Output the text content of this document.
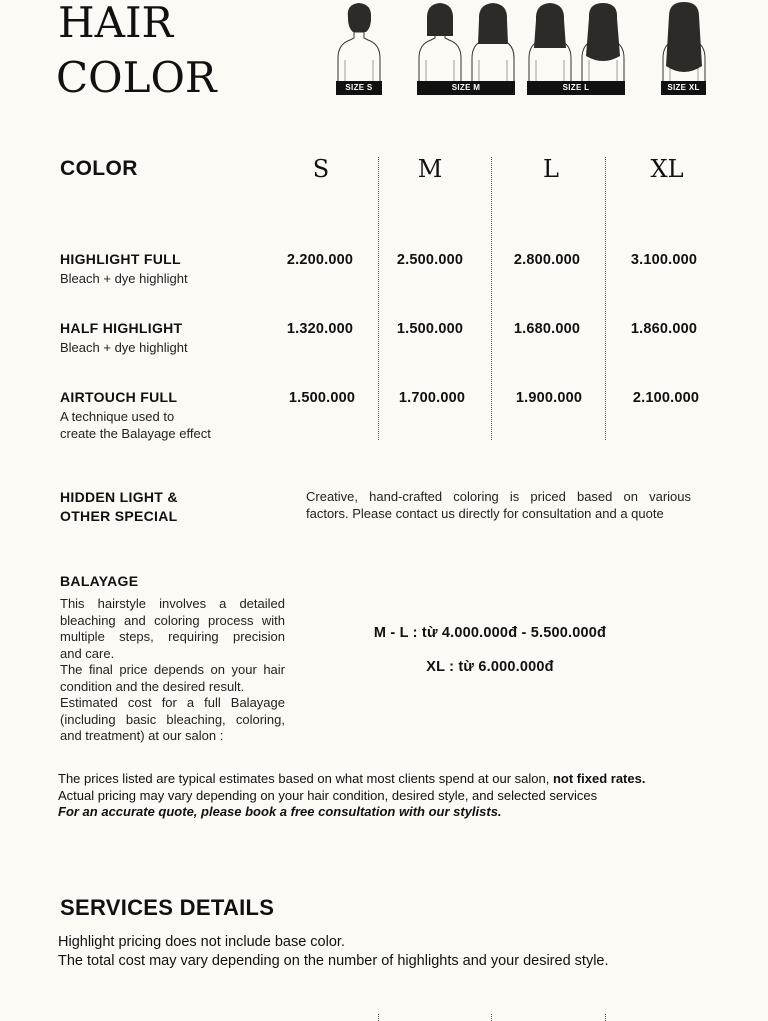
HAIR
COLOR	SIZE S	SIZE M	SIZE L	SIZE XL
COLOR	S	M	L	XL
HIGHLIGHT FULL
Bleach + dye highlight
2.200.000	2.500.000	2.800.000	3.100.000
HALF HIGHLIGHT
Bleach + dye highlight
1.320.000	1.500.000	1.680.000	1.860.000
AIRTOUCH FULL
A technique used to
create the Balayage effect
1.500.000	1.700.000	1.900.000	2.100.000
HIDDEN LIGHT &
OTHER SPECIAL
Creative, hand-crafted coloring is priced based on various
factors. Please contact us directly for consultation and a quote
BALAYAGE
This hairstyle involves a detailed
bleaching and coloring process with
multiple steps, requiring precision
and care.
The final price depends on your hair
condition and the desired result.
Estimated cost for a full Balayage
(including basic bleaching, coloring,
and treatment) at our salon :
M - L : từ 4.000.000đ - 5.500.000đ
XL : từ 6.000.000đ
The prices listed are typical estimates based on what most clients spend at our salon, not fixed rates.
Actual pricing may vary depending on your hair condition, desired style, and selected services
For an accurate quote, please book a free consultation with our stylists.
SERVICES DETAILS
Highlight pricing does not include base color.
The total cost may vary depending on the number of highlights and your desired style.
